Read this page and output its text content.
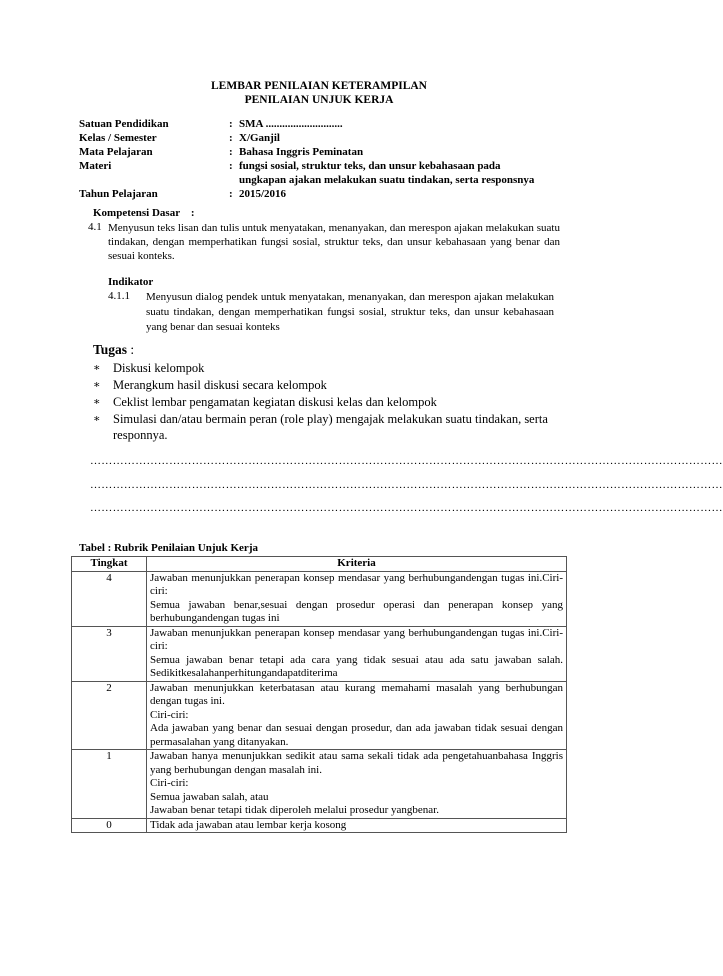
LEMBAR PENILAIAN KETERAMPILAN
PENILAIAN UNJUK KERJA
Satuan Pendidikan	: SMA ............................
Kelas / Semester	: X/Ganjil
Mata Pelajaran	: Bahasa Inggris Peminatan
Materi	: fungsi sosial, struktur teks, dan unsur kebahasaan pada
ungkapan ajakan melakukan suatu tindakan, serta responsnya
Tahun Pelajaran	: 2015/2016
Kompetensi Dasar    :
4.1 Menyusun teks lisan dan tulis untuk menyatakan, menanyakan, dan merespon ajakan melakukan suatu tindakan, dengan memperhatikan fungsi sosial, struktur teks, dan unsur kebahasaan yang benar dan sesuai konteks.
Indikator
4.1.1 Menyusun dialog pendek untuk menyatakan, menanyakan, dan merespon ajakan melakukan suatu tindakan, dengan memperhatikan fungsi sosial, struktur teks, dan unsur kebahasaan yang benar dan sesuai konteks
Tugas :
∗	Diskusi kelompok
∗	Merangkum hasil diskusi secara kelompok
∗	Ceklist lembar pengamatan kegiatan diskusi kelas dan kelompok
∗	Simulasi dan/atau bermain peran (role play) mengajak melakukan suatu tindakan, serta responnya.
……………………………………………………………………………………………………………………………………………………
……………………………………………………………………………………………………………………………………………………
……………………………………………………………………………………………………………………………………………………
Tabel : Rubrik Penilaian Unjuk Kerja
Tingkat	Kriteria
4	Jawaban menunjukkan penerapan konsep mendasar yang berhubungandengan tugas ini.Ciri-ciri:
Semua jawaban benar,sesuai dengan prosedur operasi dan penerapan konsep yang berhubungandengan tugas ini

3	Jawaban menunjukkan penerapan konsep mendasar yang berhubungandengan tugas ini.Ciri-ciri:
Semua jawaban benar tetapi ada cara yang tidak sesuai atau ada satu jawaban salah. Sedikitkesalahanperhitungandapatditerima

2	Jawaban menunjukkan keterbatasan atau kurang memahami masalah yang berhubungan dengan tugas ini.
Ciri-ciri:
Ada jawaban yang benar dan sesuai dengan prosedur, dan ada jawaban tidak sesuai dengan permasalahan yang ditanyakan.

1	Jawaban hanya menunjukkan sedikit atau sama sekali tidak ada pengetahuanbahasa Inggris yang berhubungan dengan masalah ini.
Ciri-ciri:
Semua jawaban salah, atau
Jawaban benar tetapi tidak diperoleh melalui prosedur yangbenar.

0	Tidak ada jawaban atau lembar kerja kosong
